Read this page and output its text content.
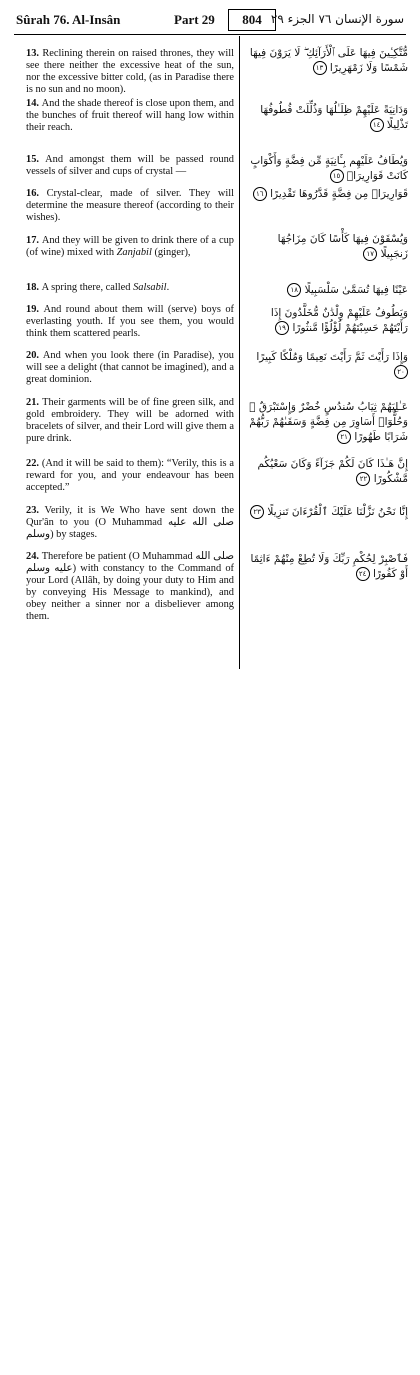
Sûrah 76. Al-Insân	Part 29	804 سورة الإنسان ٧٦ الجزء ٢٩
13. Reclining therein on raised thrones, they will see there neither the excessive heat of the sun, nor the excessive bitter cold, (as in Paradise there is no sun and no moon).
مُّتَّكِـِٔينَ فِيهَا عَلَى ٱلْأَرَآئِكِ ۖ لَا يَرَوْنَ فِيهَا شَمْسًا وَلَا زَمْهَرِيرًا ١٣
14. And the shade thereof is close upon them, and the bunches of fruit thereof will hang low within their reach.
وَدَانِيَةً عَلَيْهِمْ ظِلَـٰلُهَا وَذُلِّلَتْ قُطُوفُهَا تَذْلِيلًا ١٤
15. And amongst them will be passed round vessels of silver and cups of crystal —
وَيُطَافُ عَلَيْهِم بِـَٔانِيَةٍ مِّن فِضَّةٍ وَأَكْوَابٍ كَانَتْ قَوَارِيرَا۠ ١٥
16. Crystal-clear, made of silver. They will determine the measure thereof (according to their wishes).
قَوَارِيرَا۟ مِن فِضَّةٍ قَدَّرُوهَا تَقْدِيرًا ١٦
17. And they will be given to drink there of a cup (of wine) mixed with Zanjabil (ginger),
وَيُسْقَوْنَ فِيهَا كَأْسًا كَانَ مِزَاجُهَا زَنجَبِيلًا ١٧
18. A spring there, called Salsabil.	عَيْنًا فِيهَا تُسَمَّىٰ سَلْسَبِيلًا ١٨
19. And round about them will (serve) boys of everlasting youth. If you see them, you would think them scattered pearls.
وَيَطُوفُ عَلَيْهِمْ وِلْدَٰنٌ مُّخَلَّدُونَ إِذَا رَأَيْتَهُمْ حَسِبْتَهُمْ لُؤْلُؤًا مَّنثُورًا ١٩
20. And when you look there (in Paradise), you will see a delight (that cannot be imagined), and a great dominion.
وَإِذَا رَأَيْتَ ثَمَّ رَأَيْتَ نَعِيمًا وَمُلْكًا كَبِيرًا ٢٠
21. Their garments will be of fine green silk, and gold embroidery. They will be adorned with bracelets of silver, and their Lord will give them a pure drink.
عَـٰلِيَهُمْ ثِيَابُ سُندُسٍ خُضْرٌ وَإِسْتَبْرَقٌ ۖ وَحُلُّوٓا۟ أَسَاوِرَ مِن فِضَّةٍ وَسَقَىٰهُمْ رَبُّهُمْ شَرَابًا طَهُورًا ٢١
22. (And it will be said to them): “Verily, this is a reward for you, and your endeavour has been accepted.”
إِنَّ هَـٰذَا كَانَ لَكُمْ جَزَآءً وَكَانَ سَعْيُكُم مَّشْكُورًا ٢٢
23. Verily, it is We Who have sent down the Qur'ân to you (O Muhammad صلى الله عليه وسلم) by stages.
إِنَّا نَحْنُ نَزَّلْنَا عَلَيْكَ ٱلْقُرْءَانَ تَنزِيلًا ٢٣
24. Therefore be patient (O Muhammad صلى الله عليه وسلم) with constancy to the Command of your Lord (Allâh, by doing your duty to Him and by conveying His Message to mankind), and obey neither a sinner nor a disbeliever among them.
فَٱصْبِرْ لِحُكْمِ رَبِّكَ وَلَا تُطِعْ مِنْهُمْ ءَاثِمًا أَوْ كَفُورًا ٢٤
